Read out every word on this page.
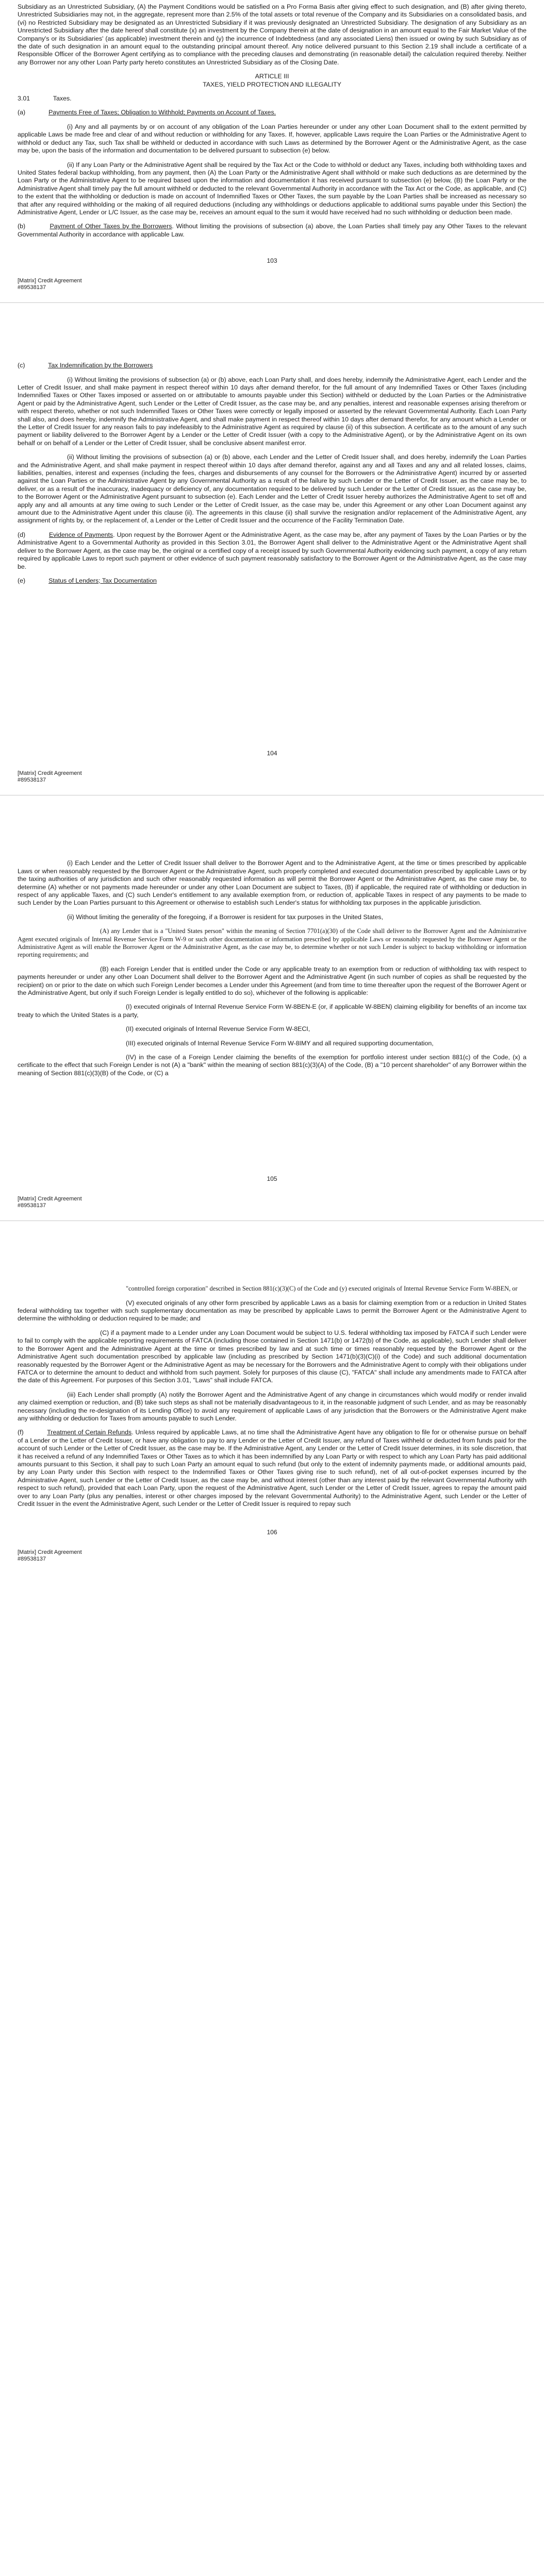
Subsidiary as an Unrestricted Subsidiary, (A) the Payment Conditions would be satisfied on a Pro Forma Basis after giving effect to such designation, and (B) after giving thereto, Unrestricted Subsidiaries may not, in the aggregate, represent more than 2.5% of the total assets or total revenue of the Company and its Subsidiaries on a consolidated basis, and (vi) no Restricted Subsidiary may be designated as an Unrestricted Subsidiary if it was previously designated an Unrestricted Subsidiary. The designation of any Subsidiary as an Unrestricted Subsidiary after the date hereof shall constitute (x) an investment by the Company therein at the date of designation in an amount equal to the Fair Market Value of the Company's or its Subsidiaries' (as applicable) investment therein and (y) the incurrence of Indebtedness (and any associated Liens) then issued or owing by such Subsidiary as of the date of such designation in an amount equal to the outstanding principal amount thereof. Any notice delivered pursuant to this Section 2.19 shall include a certificate of a Responsible Officer of the Borrower Agent certifying as to compliance with the preceding clauses and demonstrating (in reasonable detail) the calculation required thereby. Neither any Borrower nor any other Loan Party party hereto constitutes an Unrestricted Subsidiary as of the Closing Date.

ARTICLE III

TAXES, YIELD PROTECTION AND ILLEGALITY

3.01	Taxes.

(a)	Payments Free of Taxes; Obligation to Withhold; Payments on Account of Taxes.

(i) Any and all payments by or on account of any obligation of the Loan Parties hereunder or under any other Loan Document shall to the extent permitted by applicable Laws be made free and clear of and without reduction or withholding for any Taxes. If, however, applicable Laws require the Loan Parties or the Administrative Agent to withhold or deduct any Tax, such Tax shall be withheld or deducted in accordance with such Laws as determined by the Borrower Agent or the Administrative Agent, as the case may be, upon the basis of the information and documentation to be delivered pursuant to subsection (e) below.

(ii) If any Loan Party or the Administrative Agent shall be required by the Tax Act or the Code to withhold or deduct any Taxes, including both withholding taxes and United States federal backup withholding, from any payment, then (A) the Loan Party or the Administrative Agent shall withhold or make such deductions as are determined by the Loan Party or the Administrative Agent to be required based upon the information and documentation it has received pursuant to subsection (e) below, (B) the Loan Party or the Administrative Agent shall timely pay the full amount withheld or deducted to the relevant Governmental Authority in accordance with the Tax Act or the Code, as applicable, and (C) to the extent that the withholding or deduction is made on account of Indemnified Taxes or Other Taxes, the sum payable by the Loan Parties shall be increased as necessary so that after any required withholding or the making of all required deductions (including any withholdings or deductions applicable to additional sums payable under this Section) the Administrative Agent, Lender or L/C Issuer, as the case may be, receives an amount equal to the sum it would have received had no such withholding or deduction been made.

(b)	Payment of Other Taxes by the Borrowers. Without limiting the provisions of subsection (a) above, the Loan Parties shall timely pay any Other Taxes to the relevant Governmental Authority in accordance with applicable Law.

103
[Matrix] Credit Agreement
#89538137

(c)	Tax Indemnification by the Borrowers

(i) Without limiting the provisions of subsection (a) or (b) above, each Loan Party shall, and does hereby, indemnify the Administrative Agent, each Lender and the Letter of Credit Issuer, and shall make payment in respect thereof within 10 days after demand therefor, for the full amount of any Indemnified Taxes or Other Taxes (including Indemnified Taxes or Other Taxes imposed or asserted on or attributable to amounts payable under this Section) withheld or deducted by the Loan Parties or the Administrative Agent or paid by the Administrative Agent, such Lender or the Letter of Credit Issuer, as the case may be, and any penalties, interest and reasonable expenses arising therefrom or with respect thereto, whether or not such Indemnified Taxes or Other Taxes were correctly or legally imposed or asserted by the relevant Governmental Authority. Each Loan Party shall also, and does hereby, indemnify the Administrative Agent, and shall make payment in respect thereof within 10 days after demand therefor, for any amount which a Lender or the Letter of Credit Issuer for any reason fails to pay indefeasibly to the Administrative Agent as required by clause (ii) of this subsection. A certificate as to the amount of any such payment or liability delivered to the Borrower Agent by a Lender or the Letter of Credit Issuer (with a copy to the Administrative Agent), or by the Administrative Agent on its own behalf or on behalf of a Lender or the Letter of Credit Issuer, shall be conclusive absent manifest error.

(ii) Without limiting the provisions of subsection (a) or (b) above, each Lender and the Letter of Credit Issuer shall, and does hereby, indemnify the Loan Parties and the Administrative Agent, and shall make payment in respect thereof within 10 days after demand therefor, against any and all Taxes and any and all related losses, claims, liabilities, penalties, interest and expenses (including the fees, charges and disbursements of any counsel for the Borrowers or the Administrative Agent) incurred by or asserted against the Loan Parties or the Administrative Agent by any Governmental Authority as a result of the failure by such Lender or the Letter of Credit Issuer, as the case may be, to deliver, or as a result of the inaccuracy, inadequacy or deficiency of, any documentation required to be delivered by such Lender or the Letter of Credit Issuer, as the case may be, to the Borrower Agent or the Administrative Agent pursuant to subsection (e). Each Lender and the Letter of Credit Issuer hereby authorizes the Administrative Agent to set off and apply any and all amounts at any time owing to such Lender or the Letter of Credit Issuer, as the case may be, under this Agreement or any other Loan Document against any amount due to the Administrative Agent under this clause (ii). The agreements in this clause (ii) shall survive the resignation and/or replacement of the Administrative Agent, any assignment of rights by, or the replacement of, a Lender or the Letter of Credit Issuer and the occurrence of the Facility Termination Date.

(d)	Evidence of Payments. Upon request by the Borrower Agent or the Administrative Agent, as the case may be, after any payment of Taxes by the Loan Parties or by the Administrative Agent to a Governmental Authority as provided in this Section 3.01, the Borrower Agent shall deliver to the Administrative Agent or the Administrative Agent shall deliver to the Borrower Agent, as the case may be, the original or a certified copy of a receipt issued by such Governmental Authority evidencing such payment, a copy of any return required by applicable Laws to report such payment or other evidence of such payment reasonably satisfactory to the Borrower Agent or the Administrative Agent, as the case may be.

(e)	Status of Lenders; Tax Documentation

104
[Matrix] Credit Agreement
#89538137

(i) Each Lender and the Letter of Credit Issuer shall deliver to the Borrower Agent and to the Administrative Agent, at the time or times prescribed by applicable Laws or when reasonably requested by the Borrower Agent or the Administrative Agent, such properly completed and executed documentation prescribed by applicable Laws or by the taxing authorities of any jurisdiction and such other reasonably requested information as will permit the Borrower Agent or the Administrative Agent, as the case may be, to determine (A) whether or not payments made hereunder or under any other Loan Document are subject to Taxes, (B) if applicable, the required rate of withholding or deduction in respect of any applicable Taxes, and (C) such Lender's entitlement to any available exemption from, or reduction of, applicable Taxes in respect of any payments to be made to such Lender by the Loan Parties pursuant to this Agreement or otherwise to establish such Lender's status for withholding tax purposes in the applicable jurisdiction.

(ii) Without limiting the generality of the foregoing, if a Borrower is resident for tax purposes in the United States,

(A) any Lender that is a "United States person" within the meaning of Section 7701(a)(30) of the Code shall deliver to the Borrower Agent and the Administrative Agent executed originals of Internal Revenue Service Form W-9 or such other documentation or information prescribed by applicable Laws or reasonably requested by the Borrower Agent or the Administrative Agent as will enable the Borrower Agent or the Administrative Agent, as the case may be, to determine whether or not such Lender is subject to backup withholding or information reporting requirements; and

(B) each Foreign Lender that is entitled under the Code or any applicable treaty to an exemption from or reduction of withholding tax with respect to payments hereunder or under any other Loan Document shall deliver to the Borrower Agent and the Administrative Agent (in such number of copies as shall be requested by the recipient) on or prior to the date on which such Foreign Lender becomes a Lender under this Agreement (and from time to time thereafter upon the request of the Borrower Agent or the Administrative Agent, but only if such Foreign Lender is legally entitled to do so), whichever of the following is applicable:

(I) executed originals of Internal Revenue Service Form W-8BEN-E (or, if applicable W-8BEN) claiming eligibility for benefits of an income tax treaty to which the United States is a party,

(II) executed originals of Internal Revenue Service Form W-8ECI,

(III) executed originals of Internal Revenue Service Form W-8IMY and all required supporting documentation,

(IV) in the case of a Foreign Lender claiming the benefits of the exemption for portfolio interest under section 881(c) of the Code, (x) a certificate to the effect that such Foreign Lender is not (A) a "bank" within the meaning of section 881(c)(3)(A) of the Code, (B) a "10 percent shareholder" of any Borrower within the meaning of Section 881(c)(3)(B) of the Code, or (C) a

105
[Matrix] Credit Agreement
#89538137

"controlled foreign corporation" described in Section 881(c)(3)(C) of the Code and (y) executed originals of Internal Revenue Service Form W-8BEN, or

(V) executed originals of any other form prescribed by applicable Laws as a basis for claiming exemption from or a reduction in United States federal withholding tax together with such supplementary documentation as may be prescribed by applicable Laws to permit the Borrower Agent or the Administrative Agent to determine the withholding or deduction required to be made; and

(C) if a payment made to a Lender under any Loan Document would be subject to U.S. federal withholding tax imposed by FATCA if such Lender were to fail to comply with the applicable reporting requirements of FATCA (including those contained in Section 1471(b) or 1472(b) of the Code, as applicable), such Lender shall deliver to the Borrower Agent and the Administrative Agent at the time or times prescribed by law and at such time or times reasonably requested by the Borrower Agent or the Administrative Agent such documentation prescribed by applicable law (including as prescribed by Section 1471(b)(3)(C)(i) of the Code) and such additional documentation reasonably requested by the Borrower Agent or the Administrative Agent as may be necessary for the Borrowers and the Administrative Agent to comply with their obligations under FATCA or to determine the amount to deduct and withhold from such payment. Solely for purposes of this clause (C), "FATCA" shall include any amendments made to FATCA after the date of this Agreement. For purposes of this Section 3.01, "Laws" shall include FATCA.

(iii) Each Lender shall promptly (A) notify the Borrower Agent and the Administrative Agent of any change in circumstances which would modify or render invalid any claimed exemption or reduction, and (B) take such steps as shall not be materially disadvantageous to it, in the reasonable judgment of such Lender, and as may be reasonably necessary (including the re-designation of its Lending Office) to avoid any requirement of applicable Laws of any jurisdiction that the Borrowers or the Administrative Agent make any withholding or deduction for Taxes from amounts payable to such Lender.

(f)	Treatment of Certain Refunds. Unless required by applicable Laws, at no time shall the Administrative Agent have any obligation to file for or otherwise pursue on behalf of a Lender or the Letter of Credit Issuer, or have any obligation to pay to any Lender or the Letter of Credit Issuer, any refund of Taxes withheld or deducted from funds paid for the account of such Lender or the Letter of Credit Issuer, as the case may be. If the Administrative Agent, any Lender or the Letter of Credit Issuer determines, in its sole discretion, that it has received a refund of any Indemnified Taxes or Other Taxes as to which it has been indemnified by any Loan Party or with respect to which any Loan Party has paid additional amounts pursuant to this Section, it shall pay to such Loan Party an amount equal to such refund (but only to the extent of indemnity payments made, or additional amounts paid, by any Loan Party under this Section with respect to the Indemnified Taxes or Other Taxes giving rise to such refund), net of all out-of-pocket expenses incurred by the Administrative Agent, such Lender or the Letter of Credit Issuer, as the case may be, and without interest (other than any interest paid by the relevant Governmental Authority with respect to such refund), provided that each Loan Party, upon the request of the Administrative Agent, such Lender or the Letter of Credit Issuer, agrees to repay the amount paid over to any Loan Party (plus any penalties, interest or other charges imposed by the relevant Governmental Authority) to the Administrative Agent, such Lender or the Letter of Credit Issuer in the event the Administrative Agent, such Lender or the Letter of Credit Issuer is required to repay such

106
[Matrix] Credit Agreement
#89538137
